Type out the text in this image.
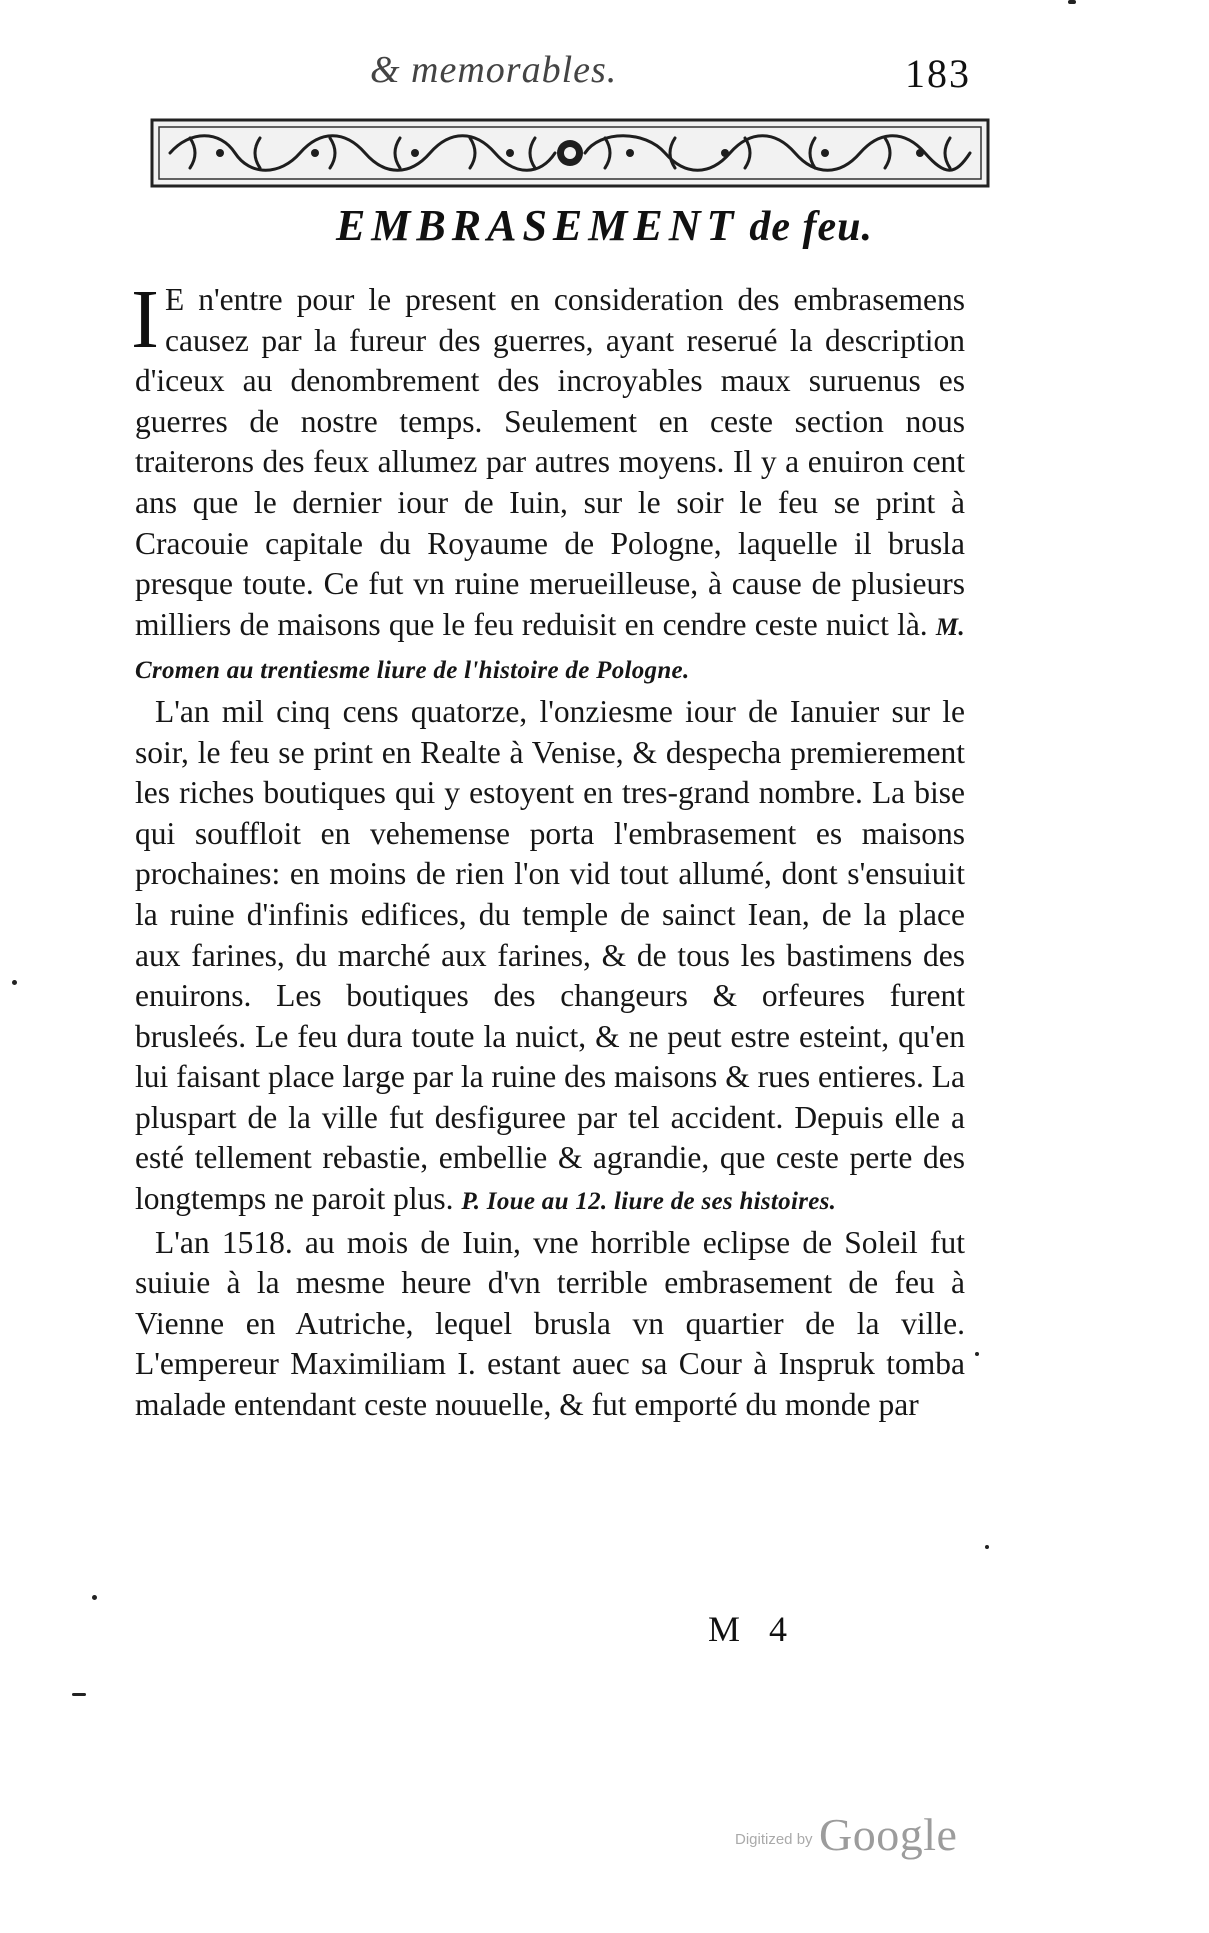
& memorables.	183
EMBRASEMENT de feu.

I E n'entre pour le present en consideration des embrasemens causez par la fureur des guerres, ayant reserué la description d'iceux au denombrement des incroyables maux suruenus es guerres de nostre temps. Seulement en ceste section nous traiterons des feux allumez par autres moyens. Il y a enuiron cent ans que le dernier iour de Iuin, sur le soir le feu se print à Cracouie capitale du Royaume de Pologne, laquelle il brusla presque toute. Ce fut vn ruine merueilleuse, à cause de plusieurs milliers de maisons que le feu reduisit en cendre ceste nuict là. M. Cromen au trentiesme liure de l'histoire de Pologne.

L'an mil cinq cens quatorze, l'onziesme iour de Ianuier sur le soir, le feu se print en Realte à Venise, & despecha premierement les riches boutiques qui y estoyent en tres-grand nombre. La bise qui souffloit en vehemense porta l'embrasement es maisons prochaines: en moins de rien l'on vid tout allumé, dont s'ensuiuit la ruine d'infinis edifices, du temple de sainct Iean, de la place aux farines, du marché aux farines, & de tous les bastimens des enuirons. Les boutiques des changeurs & orfeures furent brusleés. Le feu dura toute la nuict, & ne peut estre esteint, qu'en lui faisant place large par la ruine des maisons & rues entieres. La pluspart de la ville fut desfiguree par tel accident. Depuis elle a esté tellement rebastie, embellie & agrandie, que ceste perte des longtemps ne paroit plus. P. Ioue au 12. liure de ses histoires.

L'an 1518. au mois de Iuin, vne horrible eclipse de Soleil fut suiuie à la mesme heure d'vn terrible embrasement de feu à Vienne en Autriche, lequel brusla vn quartier de la ville. L'empereur Maximiliam I. estant auec sa Cour à Inspruk tomba malade entendant ceste nouuelle, & fut emporté du monde par

M 4
Digitized by Google
